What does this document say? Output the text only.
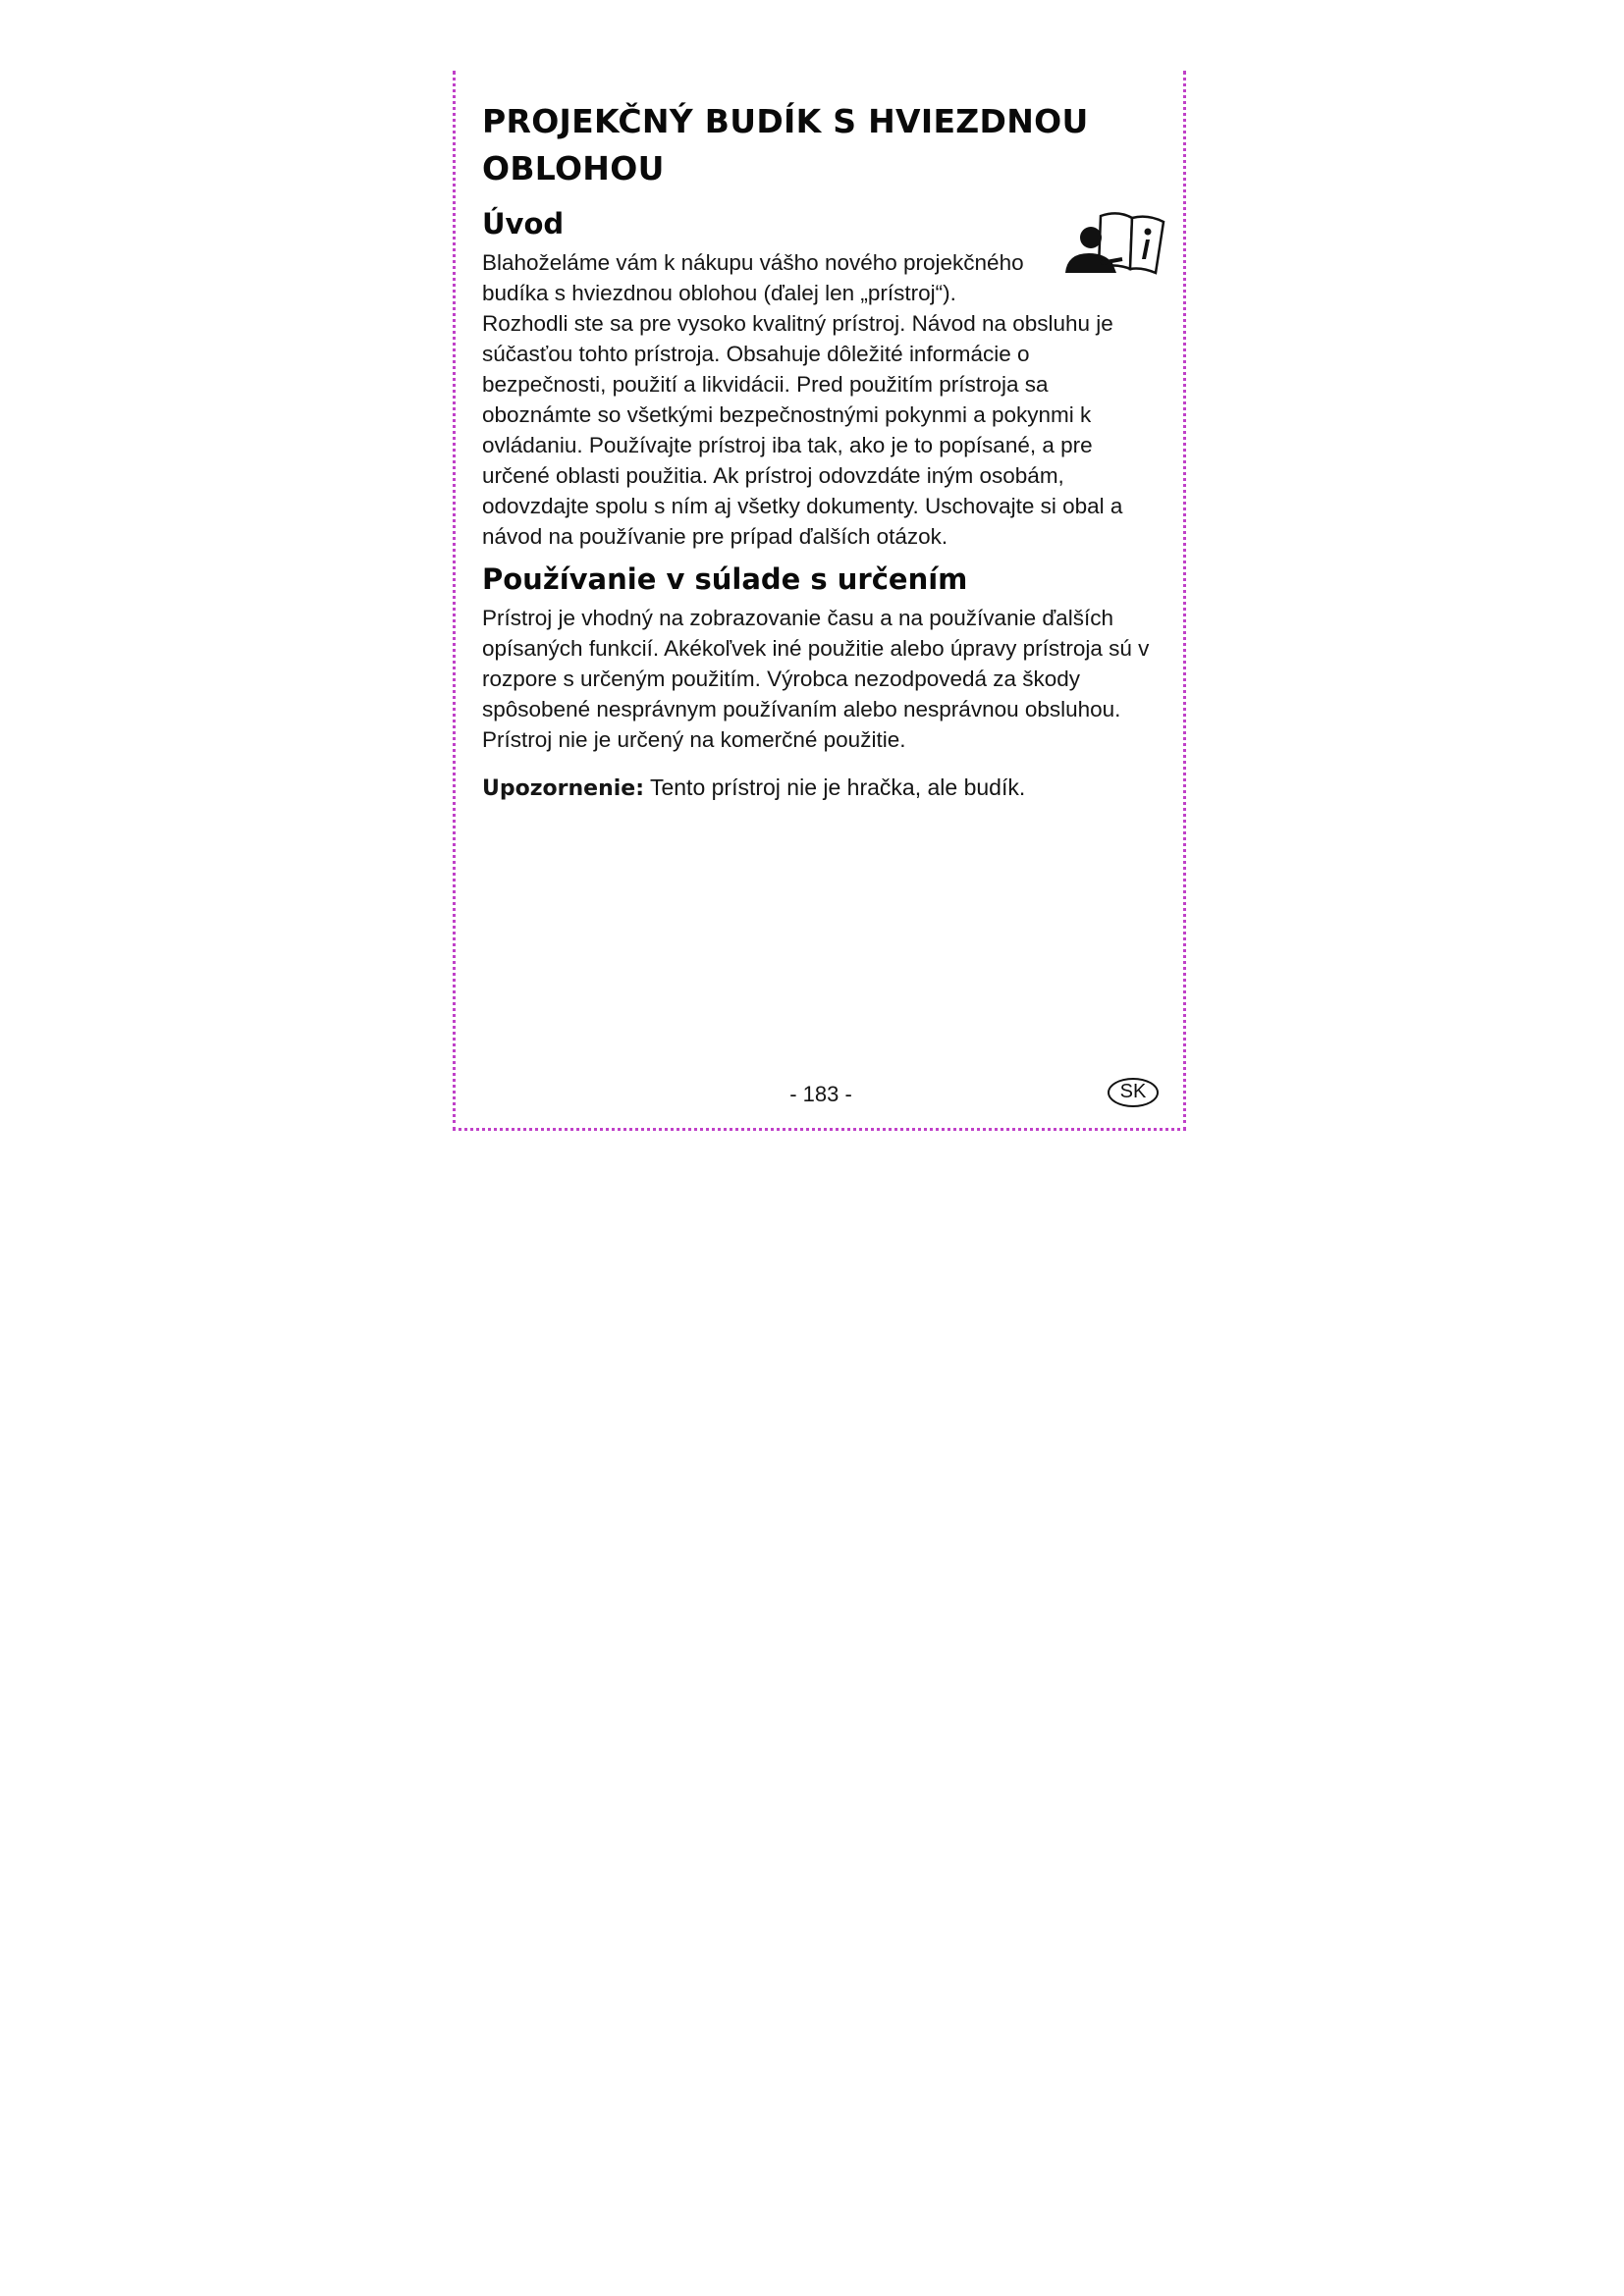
PROJEKČNÝ BUDÍK S HVIEZDNOU OBLOHOU
Úvod

Blahoželáme vám k nákupu vášho nového projekčného budíka s hviezdnou oblohou (ďalej len „prístroj“).

Rozhodli ste sa pre vysoko kvalitný prístroj. Návod na obsluhu je súčasťou tohto prístroja. Obsahuje dôležité informácie o bezpečnosti, použití a likvidácii. Pred použitím prístroja sa oboznámte so všetkými bezpečnostnými pokynmi a pokynmi k ovládaniu. Používajte prístroj iba tak, ako je to popísané, a pre určené oblasti použitia. Ak prístroj odovzdáte iným osobám, odovzdajte spolu s ním aj všetky dokumenty. Uschovajte si obal a návod na používanie pre prípad ďalších otázok.

Používanie v súlade s určením

Prístroj je vhodný na zobrazovanie času a na používanie ďalších opísaných funkcií. Akékoľvek iné použitie alebo úpravy prístroja sú v rozpore s určeným použitím. Výrobca nezodpovedá za škody spôsobené nesprávnym používaním alebo nesprávnou obsluhou. Prístroj nie je určený na komerčné použitie.

Upozornenie: Tento prístroj nie je hračka, ale budík.

- 183 -	SK
